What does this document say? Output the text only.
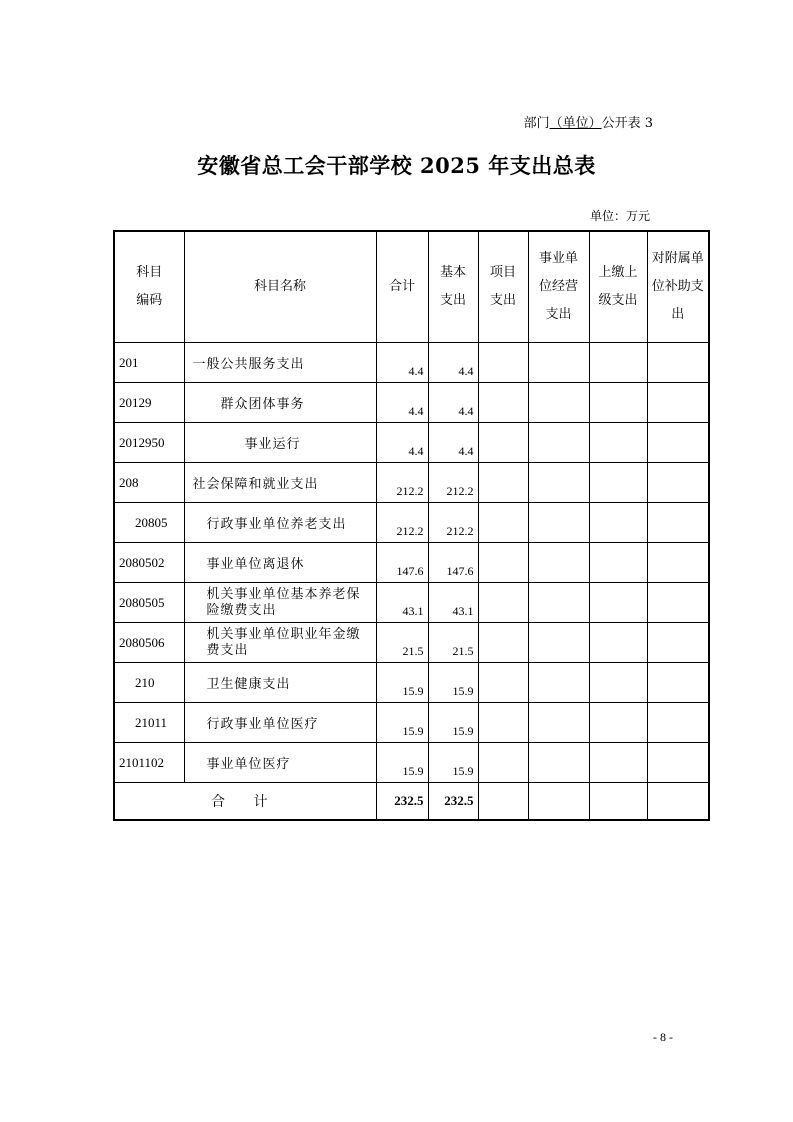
部门（单位）公开表 3
安徽省总工会干部学校 2025 年支出总表
单位：万元
科目编码	科目名称	合计	基本支出	项目支出	事业单位经营支出	上缴上级支出	对附属单位补助支出
201	一般公共服务支出	4.4	4.4				
20129	群众团体事务	4.4	4.4				
2012950	事业运行	4.4	4.4				
208	社会保障和就业支出	212.2	212.2				
20805	行政事业单位养老支出	212.2	212.2				
2080502	事业单位离退休	147.6	147.6				
2080505	机关事业单位基本养老保险缴费支出	43.1	43.1				
2080506	机关事业单位职业年金缴费支出	21.5	21.5				
210	卫生健康支出	15.9	15.9				
21011	行政事业单位医疗	15.9	15.9				
2101102	事业单位医疗	15.9	15.9				
合 计		232.5	232.5				
- 8 -
